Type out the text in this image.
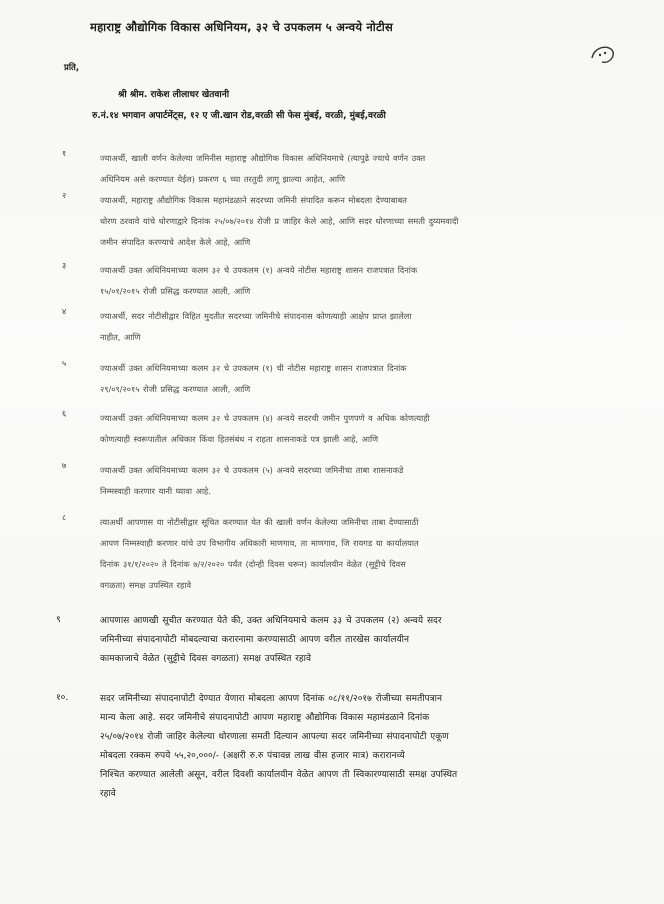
महाराष्ट्र औद्योगिक विकास अधिनियम, ३२ चे उपकलम ५ अन्वये नोटीस
प्रति,
श्री श्रीम. राकेश लीलाधर खेतवानी
रु.नं.१४ भगवान अपार्टमेंट्स, १२ ए जी.खान रोड,वरळी सी फेस मुंबई, वरळी, मुंबई,वरळी
१	ज्याअर्थी, खाली वर्णन केलेल्या जमिनीस महाराष्ट्र औद्योगिक विकास अधिनियमाचे (त्यापुढे ज्याचे वर्णन उक्त
अधिनियम असे करण्यात येईल) प्रकरण ६ च्या तरतुदी लागू झाल्या आहेत, आणि
२	ज्याअर्थी, महाराष्ट्र औद्योगिक विकास महामंडळाने सदरच्या जमिनी संपादित करून मोबदला देण्याबाबत
धोरण ठरवावे यांचे धोरणाद्वारे दिनांक २५/०७/२०१४ रोजी प्र जाहिर केले आहे, आणि सदर धोरणाच्या समती दुय्यमवादी
जमीन संपादित करण्याचे आदेश केले आहे, आणि
३	ज्याअर्थी उक्त अधिनियमाच्या कलम ३२ चे उपकलम (१) अन्वये नोटीस महाराष्ट्र शासन राजपत्रात दिनांक
१५/०१/२०१५ रोजी प्रसिद्ध करण्यात आली, आणि
४	ज्याअर्थी, सदर नोटीसीद्वार विहित मुदतीत सदरच्या जमिनीचे संपादनास कोणत्याही आक्षेप प्राप्त झालेला
नाहीत, आणि
५	ज्याअर्थी उक्त अधिनियमाच्या कलम ३२ चे उपकलम (१) ची नोटीस महाराष्ट्र शासन राजपत्रात दिनांक
२९/०९/२०१५ रोजी प्रसिद्ध करण्यात आली, आणि
६	ज्याअर्थी उक्त अधिनियमाच्या कलम ३२ चे उपकलम (४) अन्वये सदरची जमीन पुणपणे व अधिक कोणत्याही
कोणत्याही स्वरूपातील अधिकार किंवा हितसंबंध न राहता शासनाकडे पत्र झाली आहे, आणि
७	ज्याअर्थी उक्त अधिनियमाच्या कलम ३२ चे उपकलम (५) अन्वये सदरच्या जमिनीचा ताबा शासनाकडे
निम्मस्वाही करणार यानी घ्यावा आहे.
८	त्याअर्थी आपणास या नोटीसीद्वार सूचित करण्यात येत की खाली वर्णन केलेल्या जमिनीचा ताबा देण्यासाठी
आपण निम्मस्वाही करणार यांचे उप विभागीय अधिकारी माणगाव, ता माणगाव, जि रायगड या कार्यालयात
दिनांक ३१/१/२०२० ते दिनांक ७/२/२०२० पर्यंत (दोन्ही दिवस धरून) कार्यालयीन वेळेत (सुट्टीचे दिवस
वगळता) समक्ष उपस्थित रहावे
९	आपणास आणखी सूचीत करण्यात येते की, उक्त अधिनियमाचे कलम ३३ चे उपकलम (२) अन्वये सदर
जमिनीच्या संपादनापोटी मोबदल्याचा करारनामा करण्यासाठी आपण वरील तारखेस कार्यालयीन
कामकाजाचे वेळेत (सुट्टीचे दिवस वगळता) समक्ष उपस्थित रहावे
१०.	सदर जमिनीच्या संपादनापोटी देण्यात येणारा मोबदला आपण दिनांक ०८/११/२०१७ रोजीच्या समतीपत्रान
मान्य केला आहे. सदर जमिनीचे संपादनापोटी आपण महाराष्ट्र औद्योगिक विकास महामंडळाने दिनांक
२५/०७/२०१४ रोजी जाहिर केलेल्या धोरणाला समती दिल्यान आपल्या सदर जमिनीच्या संपादनापोटी एकूण
मोबदला रक्कम रुपये ५५,२०,०००/- (अक्षरी रु.रु पंचावन्न लाख वीस हजार मात्र) करारानव्ये
निश्चित करण्यात आलेली असून, वरील दिवशी कार्यालयीन वेळेत आपण ती स्विकारण्यासाठी समक्ष उपस्थित
रहावे
